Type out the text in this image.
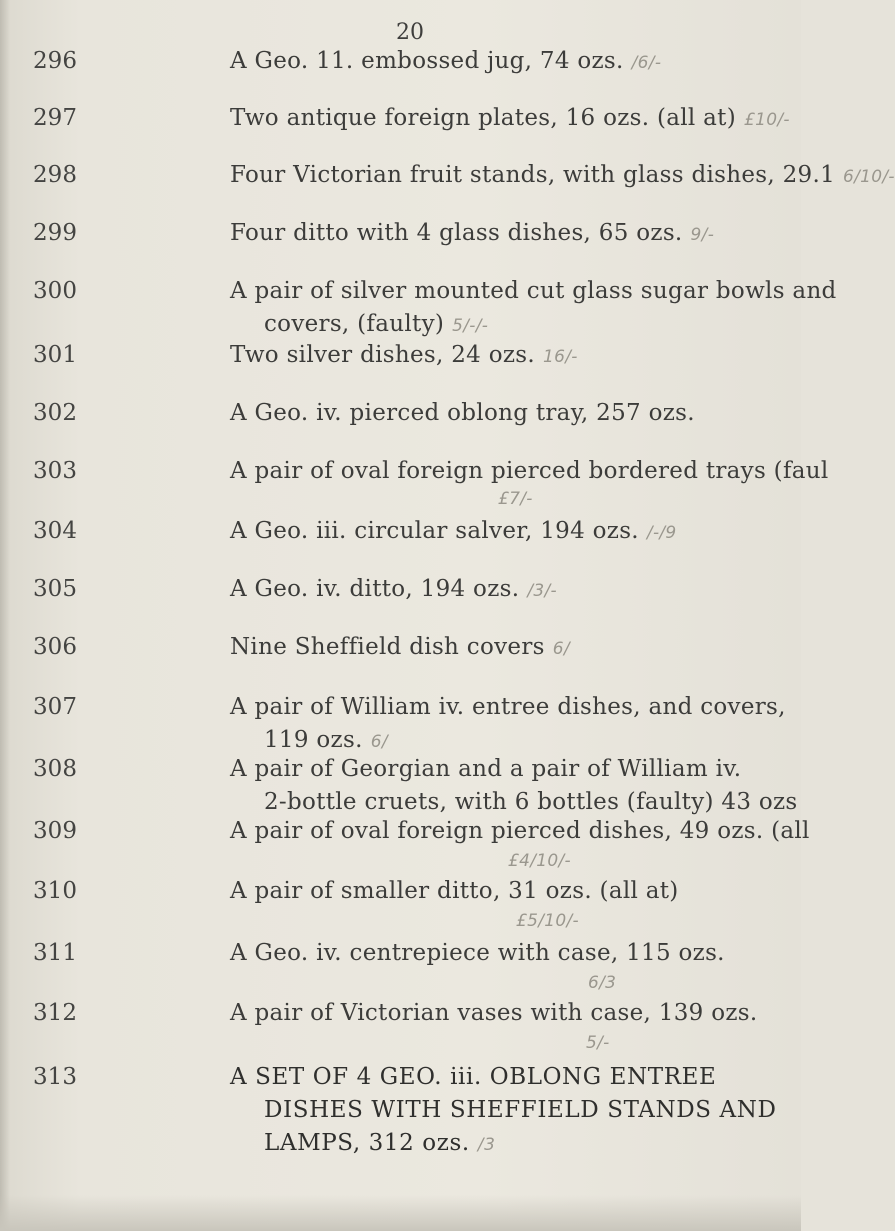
20
296	A Geo. 11. embossed jug, 74 ozs. /6/-
297	Two antique foreign plates, 16 ozs. (all at) £10/-
298	Four Victorian fruit stands, with glass dishes, 29.1 6/10/-
299	Four ditto with 4 glass dishes, 65 ozs. 9/-
300	A pair of silver mounted cut glass sugar bowls and
covers, (faulty) 5/-/-
301	Two silver dishes, 24 ozs. 16/-
302	A Geo. iv. pierced oblong tray, 257 ozs.
303	A pair of oval foreign pierced bordered trays (faul
£7/-
304	A Geo. iii. circular salver, 194 ozs. /-/9
305	A Geo. iv. ditto, 194 ozs. /3/-
306	Nine Sheffield dish covers 6/
307	A pair of William iv. entree dishes, and covers,
119 ozs. 6/
308	A pair of Georgian and a pair of William iv.
2-bottle cruets, with 6 bottles (faulty) 43 ozs
309	A pair of oval foreign pierced dishes, 49 ozs. (all
£4/10/-
310	A pair of smaller ditto, 31 ozs. (all at)
£5/10/-
311	A Geo. iv. centrepiece with case, 115 ozs.
6/3
312	A pair of Victorian vases with case, 139 ozs.
5/-
313	A SET OF 4 GEO. iii. OBLONG ENTREE
DISHES WITH SHEFFIELD STANDS AND
LAMPS, 312 ozs. /3
